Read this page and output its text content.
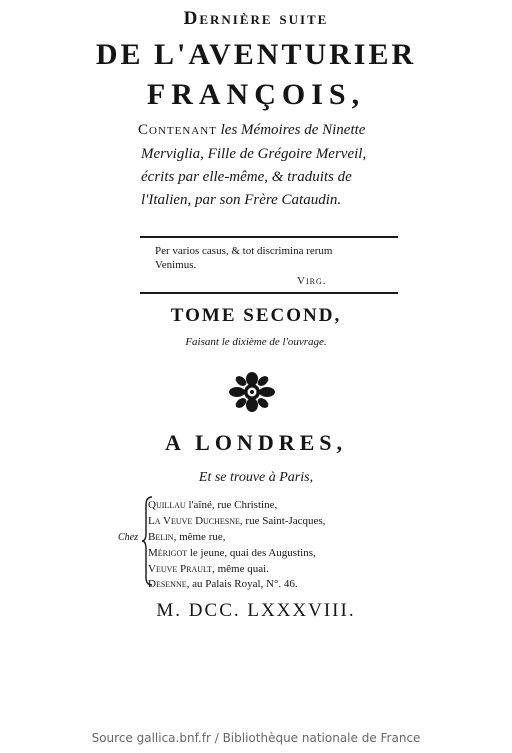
Dernière suite
DE L'AVENTURIER
FRANÇOIS,
Contenant les Mémoires de Ninette
Merviglia, Fille de Grégoire Merveil,
écrits par elle-même, & traduits de
l'Italien, par son Frère Cataudin.
Per varios casus, & tot discrimina rerum
Venimus.
Virg.
TOME SECOND,
Faisant le dixième de l'ouvrage.
A LONDRES,
Et se trouve à Paris,
Chez
Quillau l'aîné, rue Christine,
La Veuve Duchesne, rue Saint-Jacques,
Belin, même rue,
Mérigot le jeune, quai des Augustins,
Veuve Prault, même quai.
Desenne, au Palais Royal, N°. 46.
M. DCC. LXXXVIII.
Source gallica.bnf.fr / Bibliothèque nationale de France
